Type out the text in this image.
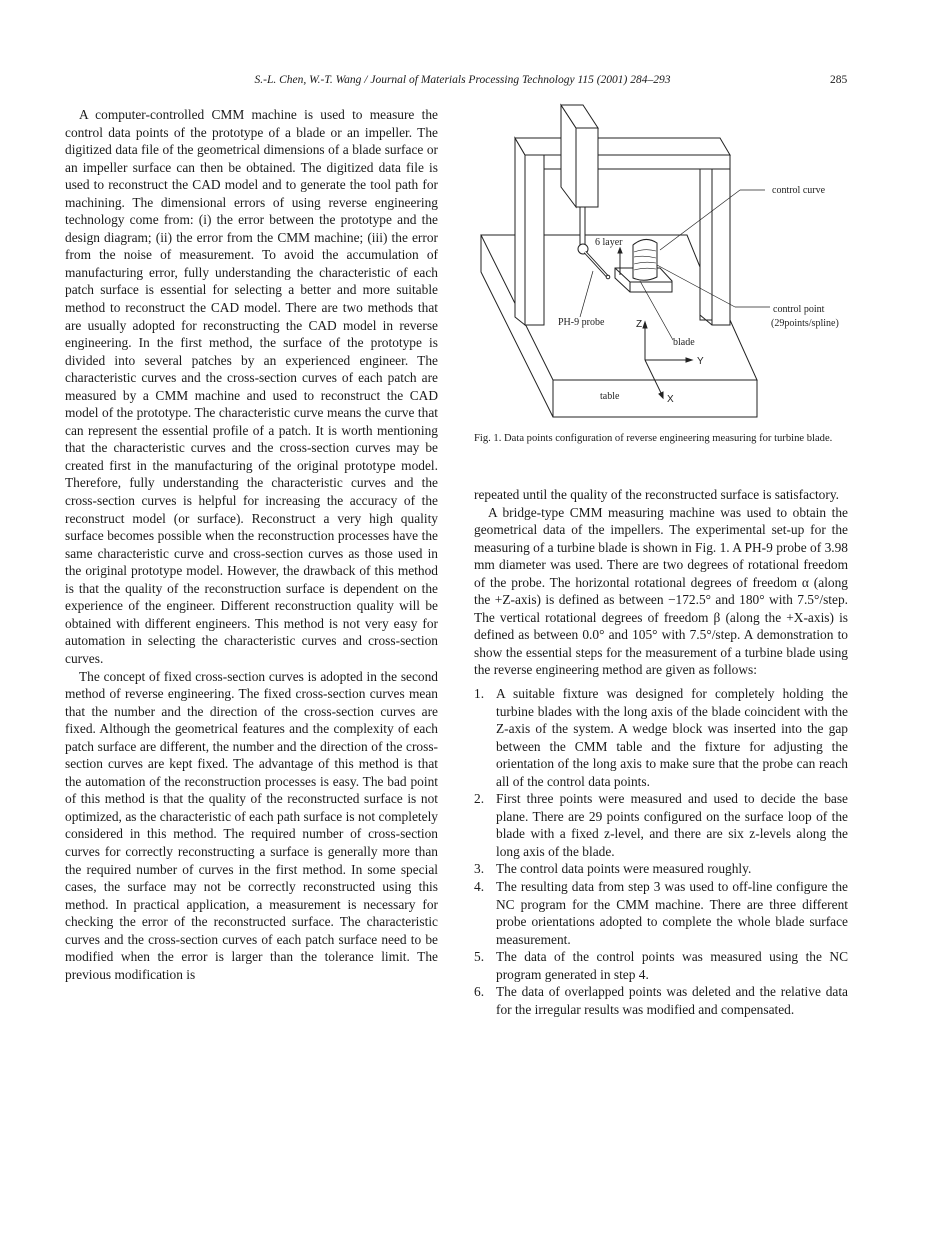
S.-L. Chen, W.-T. Wang / Journal of Materials Processing Technology 115 (2001) 284–293	285

A computer-controlled CMM machine is used to measure the control data points of the prototype of a blade or an impeller. The digitized data file of the geometrical dimensions of a blade surface or an impeller surface can then be obtained. The digitized data file is used to reconstruct the CAD model and to generate the tool path for machining. The dimensional errors of using reverse engineering technology come from: (i) the error between the prototype and the design diagram; (ii) the error from the CMM machine; (iii) the error from the noise of measurement. To avoid the accumulation of manufacturing error, fully understanding the characteristic of each patch surface is essential for selecting a better and more suitable method to reconstruct the CAD model. There are two methods that are usually adopted for reconstructing the CAD model in reverse engineering. In the first method, the surface of the prototype is divided into several patches by an experienced engineer. The characteristic curves and the cross-section curves of each patch are measured by a CMM machine and used to reconstruct the CAD model of the prototype. The characteristic curve means the curve that can represent the essential profile of a patch. It is worth mentioning that the characteristic curves and the cross-section curves may be created first in the manufacturing of the original prototype model. Therefore, fully understanding the characteristic curves and the cross-section curves is helpful for increasing the accuracy of the reconstruct model (or surface). Reconstruct a very high quality surface becomes possible when the reconstruction processes have the same characteristic curve and cross-section curves as those used in the original prototype model. However, the drawback of this method is that the quality of the reconstruction surface is dependent on the experience of the engineer. Different reconstruction quality will be obtained with different engineers. This method is not very easy for automation in selecting the characteristic curves and cross-section curves.

The concept of fixed cross-section curves is adopted in the second method of reverse engineering. The fixed cross-section curves mean that the number and the direction of the cross-section curves are fixed. Although the geometrical features and the complexity of each patch surface are different, the number and the direction of the cross-section curves are kept fixed. The advantage of this method is that the automation of the reconstruction processes is easy. The bad point of this method is that the quality of the reconstructed surface is not optimized, as the characteristic of each path surface is not completely considered in this method. The required number of cross-section curves for correctly reconstructing a surface is generally more than the required number of curves in the first method. In some special cases, the surface may not be correctly reconstructed using this method. In practical application, a measurement is necessary for checking the error of the reconstructed surface. The characteristic curves and the cross-section curves of each patch surface need to be modified when the error is larger than the tolerance limit. The previous modification is

control curve
6 layer
control point
(29points/spline)
PH-9 probe
blade
table
Z
Y
X
Fig. 1. Data points configuration of reverse engineering measuring for turbine blade.

repeated until the quality of the reconstructed surface is satisfactory.

A bridge-type CMM measuring machine was used to obtain the geometrical data of the impellers. The experimental set-up for the measuring of a turbine blade is shown in Fig. 1. A PH-9 probe of 3.98 mm diameter was used. There are two degrees of rotational freedom of the probe. The horizontal rotational degrees of freedom α (along the +Z-axis) is defined as between −172.5° and 180° with 7.5°/step. The vertical rotational degrees of freedom β (along the +X-axis) is defined as between 0.0° and 105° with 7.5°/step. A demonstration to show the essential steps for the measurement of a turbine blade using the reverse engineering method are given as follows:

1. A suitable fixture was designed for completely holding the turbine blades with the long axis of the blade coincident with the Z-axis of the system. A wedge block was inserted into the gap between the CMM table and the fixture for adjusting the orientation of the long axis to make sure that the probe can reach all of the control data points.
2. First three points were measured and used to decide the base plane. There are 29 points configured on the surface loop of the blade with a fixed z-level, and there are six z-levels along the long axis of the blade.
3. The control data points were measured roughly.
4. The resulting data from step 3 was used to off-line configure the NC program for the CMM machine. There are three different probe orientations adopted to complete the whole blade surface measurement.
5. The data of the control points was measured using the NC program generated in step 4.
6. The data of overlapped points was deleted and the relative data for the irregular results was modified and compensated.
